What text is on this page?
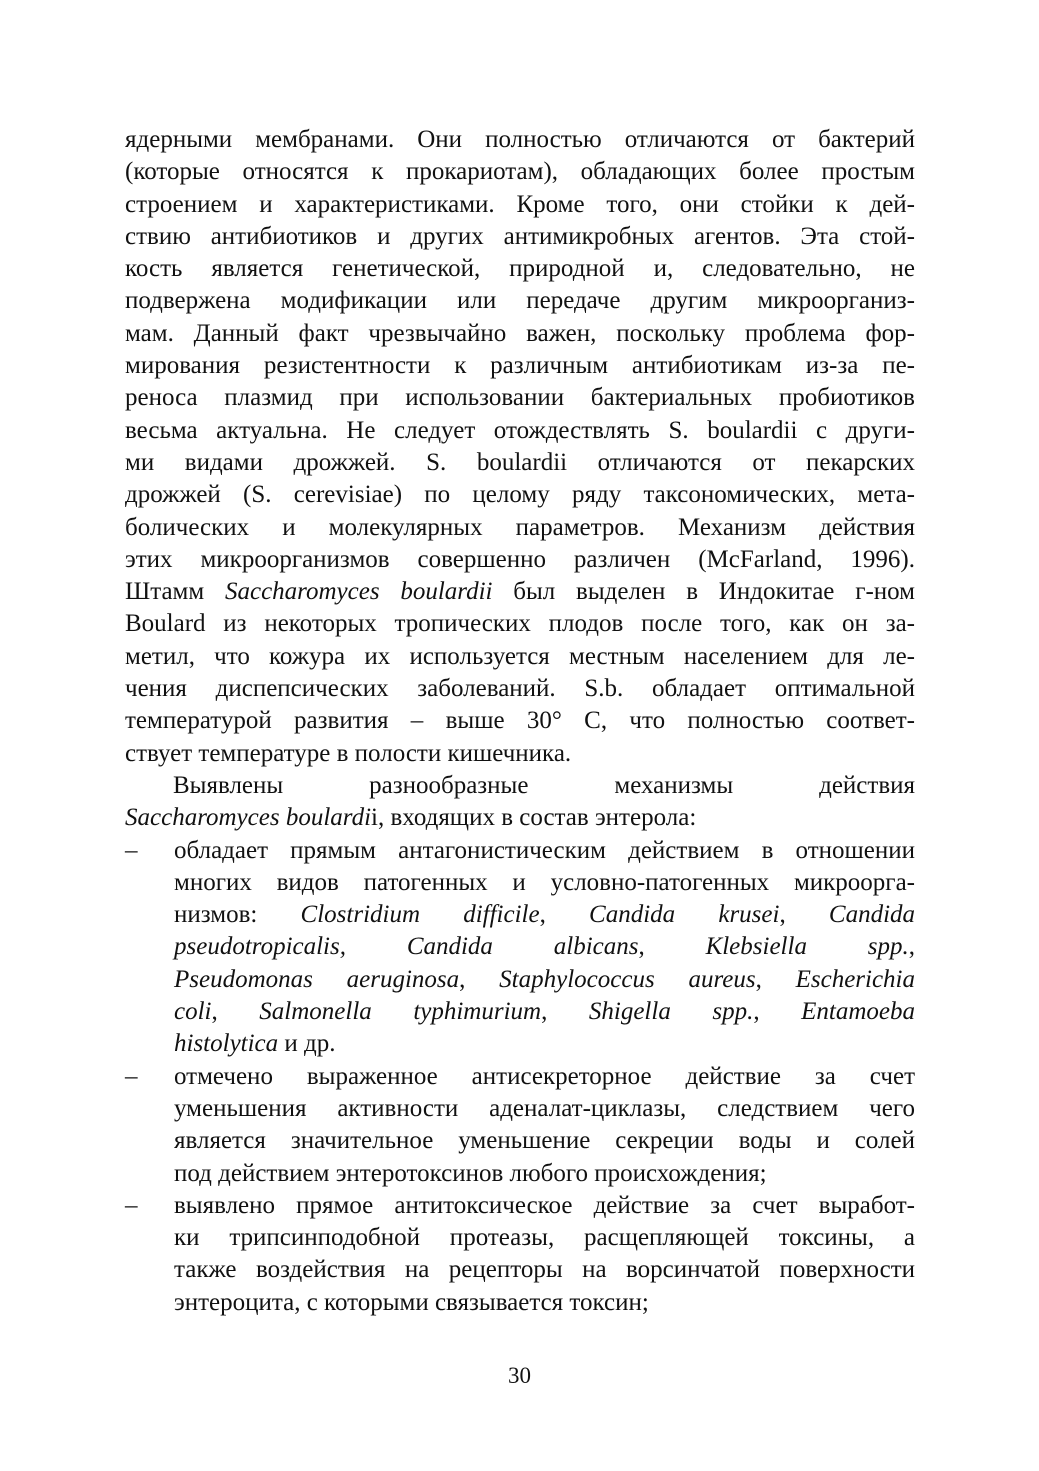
ядерными мембранами. Они полностью отличаются от бактерий
(которые относятся к прокариотам), обладающих более простым
строением и характеристиками. Кроме того, они стойки к дей-
ствию антибиотиков и других антимикробных агентов. Эта стой-
кость является генетической, природной и, следовательно, не
подвержена модификации или передаче другим микроорганиз-
мам. Данный факт чрезвычайно важен, поскольку проблема фор-
мирования резистентности к различным антибиотикам из-за пе-
реноса плазмид при использовании бактериальных пробиотиков
весьма актуальна. Не следует отождествлять S. boulardii с други-
ми видами дрожжей. S. boulardii отличаются от пекарских
дрожжей (S. cerevisiae) по целому ряду таксономических, мета-
болических и молекулярных параметров. Механизм действия
этих микроорганизмов совершенно различен (McFarland, 1996).
Штамм Saccharomyces boulardii был выделен в Индокитае г-ном
Boulard из некоторых тропических плодов после того, как он за-
метил, что кожура их используется местным населением для ле-
чения диспепсических заболеваний. S.b. обладает оптимальной
температурой развития – выше 30° С, что полностью соответ-
ствует температуре в полости кишечника.

Выявлены разнообразные механизмы действия
Saccharomyces boulardii, входящих в состав энтерола:

– обладает прямым антагонистическим действием в отношении
многих видов патогенных и условно-патогенных микроорга-
низмов: Clostridium difficile, Candida krusei, Candida
pseudotropicalis, Candida albicans, Klebsiella spp.,
Pseudomonas aeruginosa, Staphylococcus aureus, Escherichia
coli, Salmonella typhimurium, Shigella spp., Entamoeba
histolytica и др.
– отмечено выраженное антисекреторное действие за счет
уменьшения активности аденалат-циклазы, следствием чего
является значительное уменьшение секреции воды и солей
под действием энтеротоксинов любого происхождения;
– выявлено прямое антитоксическое действие за счет выработ-
ки трипсинподобной протеазы, расщепляющей токсины, а
также воздействия на рецепторы на ворсинчатой поверхности
энтероцита, с которыми связывается токсин;
30
